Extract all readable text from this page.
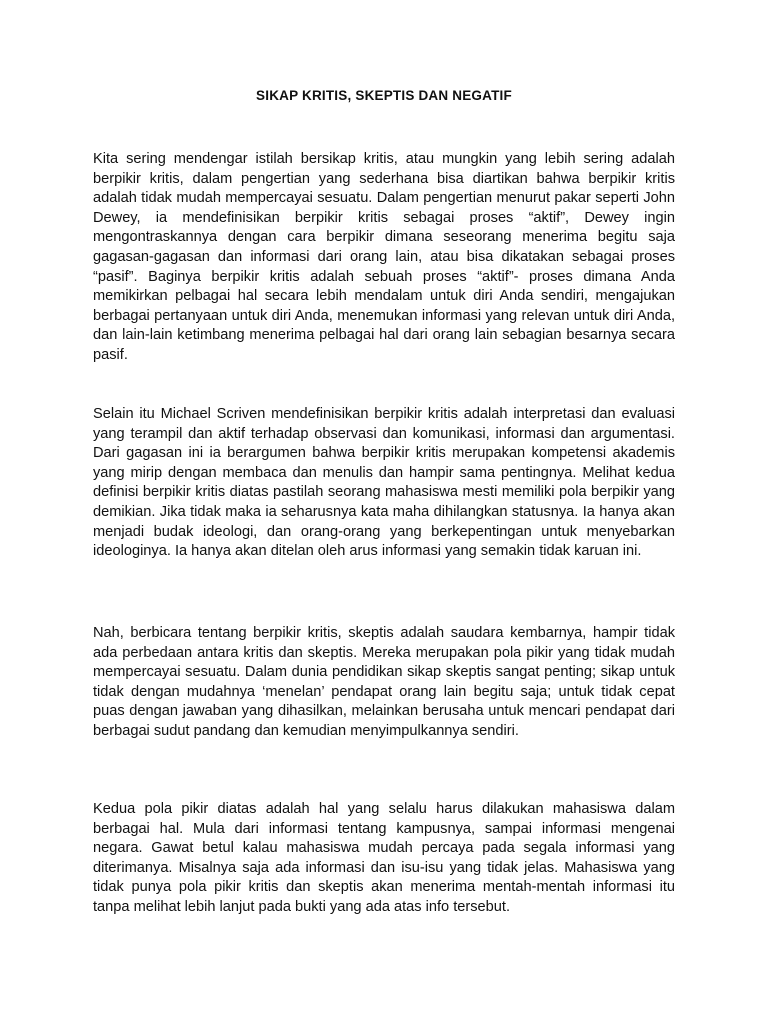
SIKAP KRITIS, SKEPTIS DAN NEGATIF

Kita sering mendengar istilah bersikap kritis, atau mungkin yang lebih sering adalah berpikir kritis, dalam pengertian yang sederhana bisa diartikan bahwa berpikir kritis adalah tidak mudah mempercayai sesuatu. Dalam pengertian menurut pakar seperti John Dewey, ia mendefinisikan berpikir kritis sebagai proses “aktif”, Dewey ingin mengontraskannya dengan cara berpikir dimana seseorang menerima begitu saja gagasan-gagasan dan informasi dari orang lain, atau bisa dikatakan sebagai proses “pasif”. Baginya berpikir kritis adalah sebuah proses “aktif”- proses dimana Anda memikirkan pelbagai hal secara lebih mendalam untuk diri Anda sendiri, mengajukan berbagai pertanyaan untuk diri Anda, menemukan informasi yang relevan untuk diri Anda, dan lain-lain ketimbang menerima pelbagai hal dari orang lain sebagian besarnya secara pasif.

Selain itu Michael Scriven mendefinisikan berpikir kritis adalah interpretasi dan evaluasi yang terampil dan aktif terhadap observasi dan komunikasi, informasi dan argumentasi. Dari gagasan ini ia berargumen bahwa berpikir kritis merupakan kompetensi akademis yang mirip dengan membaca dan menulis dan hampir sama pentingnya. Melihat kedua definisi berpikir kritis diatas pastilah seorang mahasiswa mesti memiliki pola berpikir yang demikian. Jika tidak maka ia seharusnya kata maha dihilangkan statusnya. Ia hanya akan menjadi budak ideologi, dan orang-orang yang berkepentingan untuk menyebarkan ideologinya. Ia hanya akan ditelan oleh arus informasi yang semakin tidak karuan ini.

Nah, berbicara tentang berpikir kritis, skeptis adalah saudara kembarnya, hampir tidak ada perbedaan antara kritis dan skeptis. Mereka merupakan pola pikir yang tidak mudah mempercayai sesuatu. Dalam dunia pendidikan sikap skeptis sangat penting; sikap untuk tidak dengan mudahnya ‘menelan’ pendapat orang lain begitu saja; untuk tidak cepat puas dengan jawaban yang dihasilkan, melainkan berusaha untuk mencari pendapat dari berbagai sudut pandang dan kemudian menyimpulkannya sendiri.

Kedua pola pikir diatas adalah hal yang selalu harus dilakukan mahasiswa dalam berbagai hal. Mula dari informasi tentang kampusnya, sampai informasi mengenai negara. Gawat betul kalau mahasiswa mudah percaya pada segala informasi yang diterimanya. Misalnya saja ada informasi dan isu-isu yang tidak jelas. Mahasiswa yang tidak punya pola pikir kritis dan skeptis akan menerima mentah-mentah informasi itu tanpa melihat lebih lanjut pada bukti yang ada atas info tersebut.
